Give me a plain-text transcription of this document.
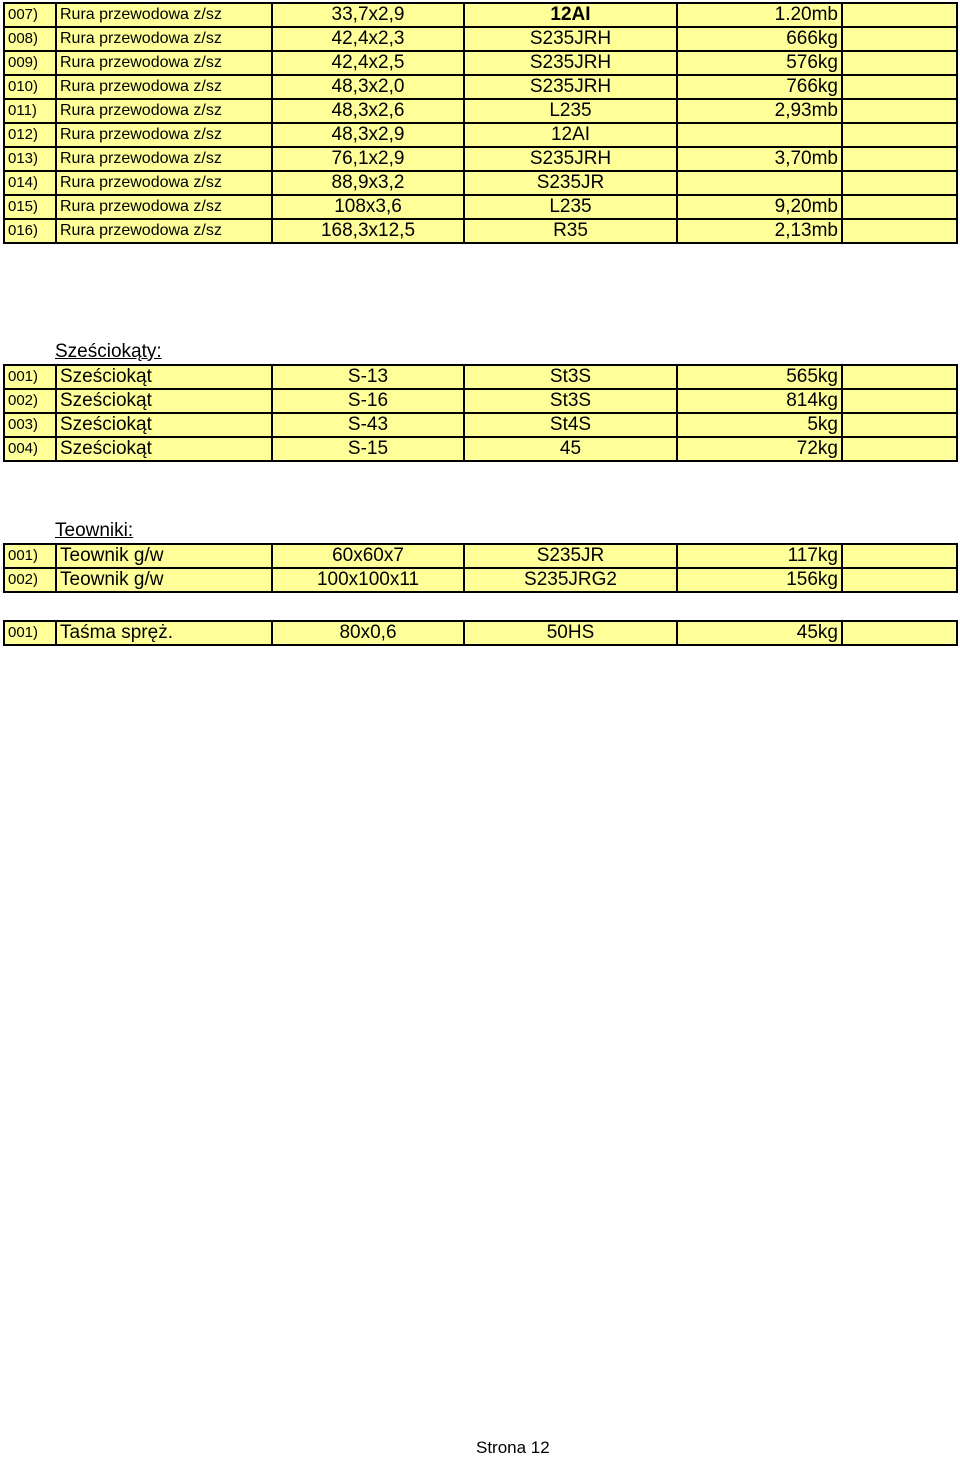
007)	Rura przewodowa z/sz	33,7x2,9	12AI	1.20mb	
008)	Rura przewodowa z/sz	42,4x2,3	S235JRH	666kg	
009)	Rura przewodowa z/sz	42,4x2,5	S235JRH	576kg	
010)	Rura przewodowa z/sz	48,3x2,0	S235JRH	766kg	
011)	Rura przewodowa z/sz	48,3x2,6	L235	2,93mb	
012)	Rura przewodowa z/sz	48,3x2,9	12AI		
013)	Rura przewodowa z/sz	76,1x2,9	S235JRH	3,70mb	
014)	Rura przewodowa z/sz	88,9x3,2	S235JR		
015)	Rura przewodowa z/sz	108x3,6	L235	9,20mb	
016)	Rura przewodowa z/sz	168,3x12,5	R35	2,13mb	
Sześciokąty:
001)	Sześciokąt	S-13	St3S	565kg	
002)	Sześciokąt	S-16	St3S	814kg	
003)	Sześciokąt	S-43	St4S	5kg	
004)	Sześciokąt	S-15	45	72kg	
Teowniki:
001)	Teownik g/w	60x60x7	S235JR	117kg	
002)	Teownik g/w	100x100x11	S235JRG2	156kg	
001)	Taśma spręż.	80x0,6	50HS	45kg	
Strona 12
